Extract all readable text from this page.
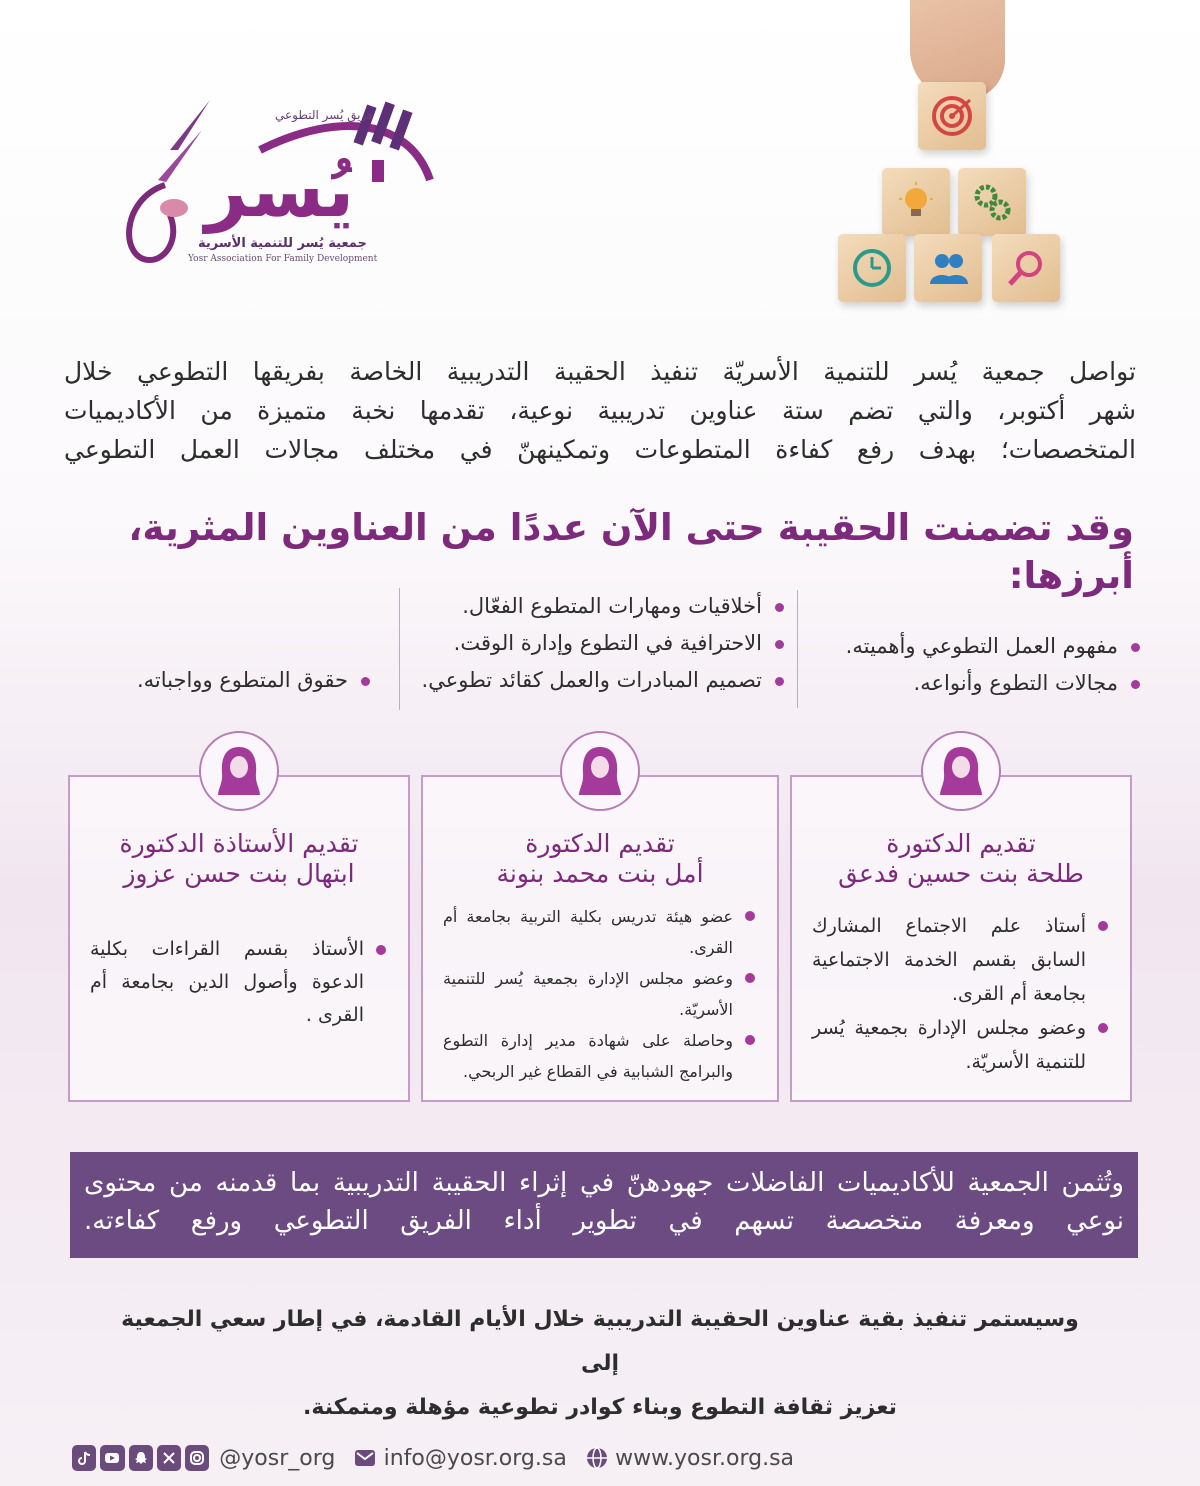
فريق يُسر التطوعي
يُسر
جمعية يُسر للتنمية الأسرية
Yosr Association For Family Development
تواصل جمعية يُسر للتنمية الأسريّة تنفيذ الحقيبة التدريبية الخاصة بفريقها التطوعي خلال
شهر أكتوبر، والتي تضم ستة عناوين تدريبية نوعية، تقدمها نخبة متميزة من الأكاديميات
المتخصصات؛ بهدف رفع كفاءة المتطوعات وتمكينهنّ في مختلف مجالات العمل التطوعي
وقد تضمنت الحقيبة حتى الآن عددًا من العناوين المثرية، أبرزها:
مفهوم العمل التطوعي وأهميته.
مجالات التطوع وأنواعه.
أخلاقيات ومهارات المتطوع الفعّال.
الاحترافية في التطوع وإدارة الوقت.
تصميم المبادرات والعمل كقائد تطوعي.
حقوق المتطوع وواجباته.
تقديم الدكتورة
طلحة بنت حسين فدعق
أستاذ علم الاجتماع المشارك السابق بقسم الخدمة الاجتماعية بجامعة أم القرى.
وعضو مجلس الإدارة بجمعية يُسر للتنمية الأسريّة.
تقديم الدكتورة
أمل بنت محمد بنونة
عضو هيئة تدريس بكلية التربية بجامعة أم القرى.
وعضو مجلس الإدارة بجمعية يُسر للتنمية الأسريّة.
وحاصلة على شهادة مدير إدارة التطوع والبرامج الشبابية في القطاع غير الربحي.
تقديم الأستاذة الدكتورة
ابتهال بنت حسن عزوز
الأستاذ بقسم القراءات بكلية الدعوة وأصول الدين بجامعة أم القرى .
وتُثمن الجمعية للأكاديميات الفاضلات جهودهنّ في إثراء الحقيبة التدريبية بما قدمنه من محتوى نوعي ومعرفة متخصصة تسهم في تطوير أداء الفريق التطوعي ورفع كفاءته.
وسيستمر تنفيذ بقية عناوين الحقيبة التدريبية خلال الأيام القادمة، في إطار سعي الجمعية إلى
تعزيز ثقافة التطوع وبناء كوادر تطوعية مؤهلة ومتمكنة.
@yosr_org info@yosr.org.sa www.yosr.org.sa
